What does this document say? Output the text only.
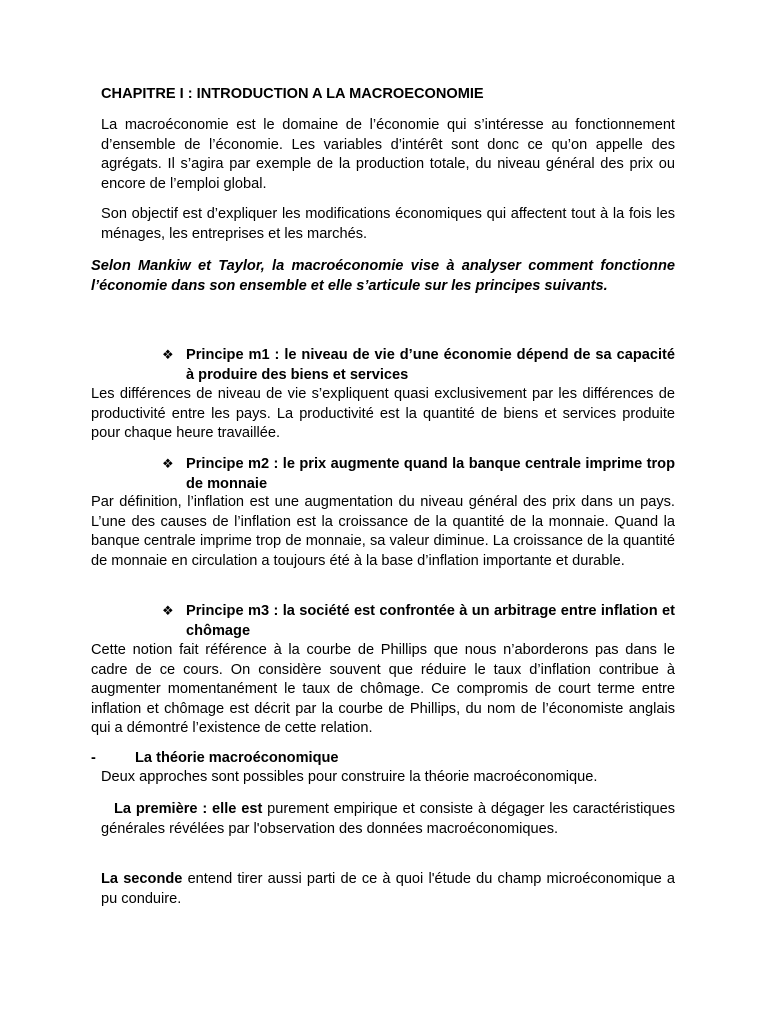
CHAPITRE I : INTRODUCTION A LA MACROECONOMIE

La macroéconomie est le domaine de l’économie qui s’intéresse au fonctionnement d’ensemble de l’économie. Les variables d’intérêt sont donc ce qu’on appelle des agrégats. Il s’agira par exemple de la production totale, du niveau général des prix ou encore de l’emploi global.

Son objectif est d’expliquer les modifications économiques qui affectent tout à la fois les ménages, les entreprises et les marchés.

Selon Mankiw et Taylor, la macroéconomie vise à analyser comment fonctionne l’économie dans son ensemble et elle s’articule sur les principes suivants.

❖ Principe m1 : le niveau de vie d’une économie dépend de sa capacité à produire des biens et services

Les différences de niveau de vie s’expliquent quasi exclusivement par les différences de productivité entre les pays. La productivité est la quantité de biens et services produite pour chaque heure travaillée.

❖ Principe m2 : le prix augmente quand la banque centrale imprime trop de monnaie

Par définition, l’inflation est une augmentation du niveau général des prix dans un pays. L’une des causes de l’inflation est la croissance de la quantité de la monnaie. Quand la banque centrale imprime trop de monnaie, sa valeur diminue. La croissance de la quantité de monnaie en circulation a toujours été à la base d’inflation importante et durable.

❖ Principe m3 : la société est confrontée à un arbitrage entre inflation et chômage

Cette notion fait référence à la courbe de Phillips que nous n’aborderons pas dans le cadre de ce cours. On considère souvent que réduire le taux d’inflation contribue à augmenter momentanément le taux de chômage. Ce compromis de court terme entre inflation et chômage est décrit par la courbe de Phillips, du nom de l’économiste anglais qui a démontré l’existence de cette relation.

-	La théorie macroéconomique

Deux approches sont possibles pour construire la théorie macroéconomique.

La première : elle est purement empirique et consiste à dégager les caractéristiques générales révélées par l'observation des données macroéconomiques.

La seconde entend tirer aussi parti de ce à quoi l'étude du champ microéconomique a pu conduire.
